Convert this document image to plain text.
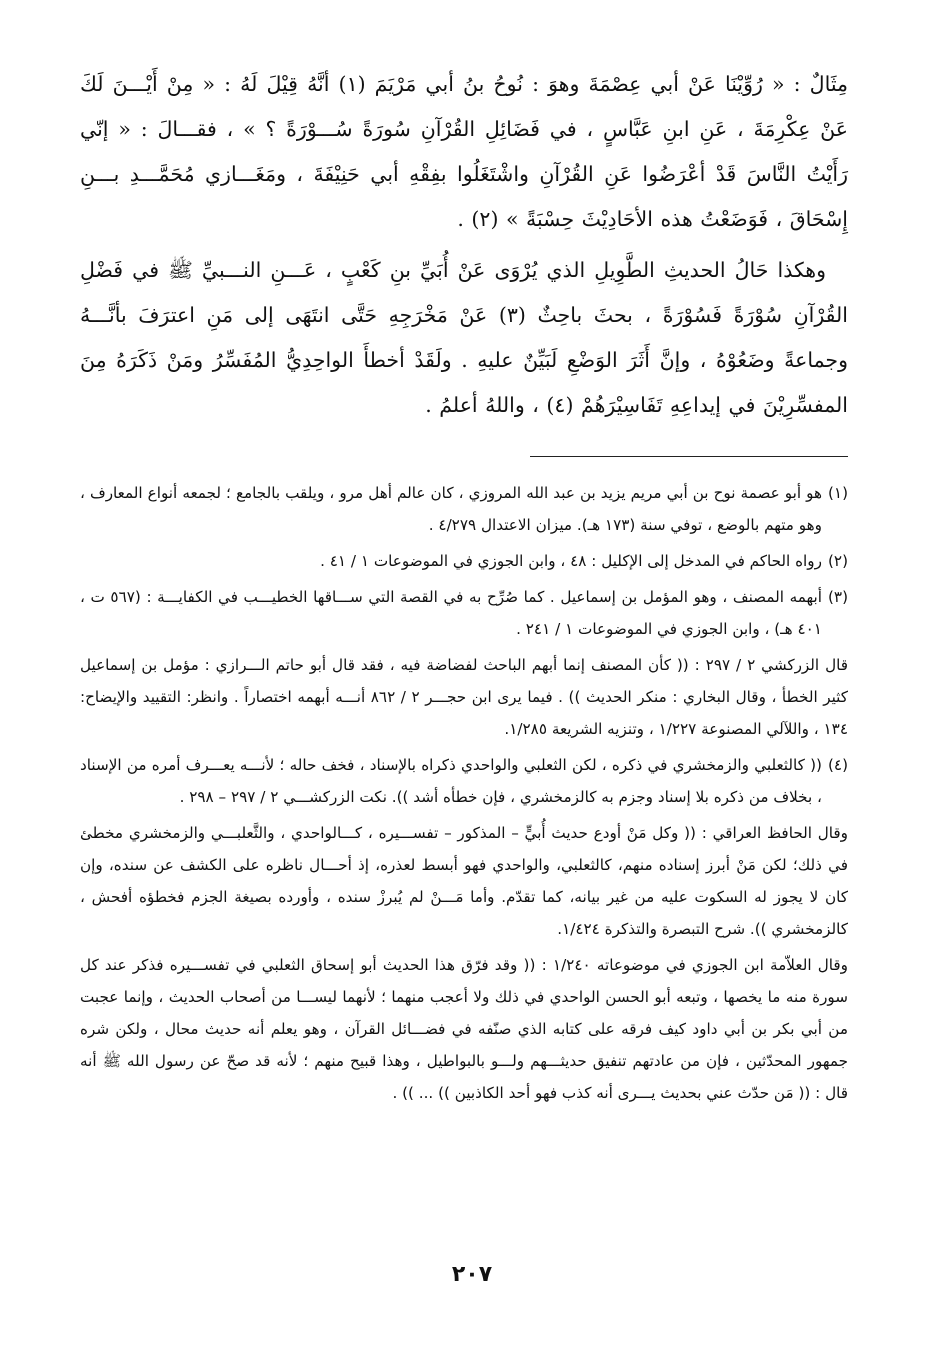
مِثَالٌ : « رُوِّيْنَا عَنْ أبي عِصْمَةَ وهوَ : نُوحُ بنُ أبي مَرْيَمَ (١) أنَّهُ قِيْلَ لَهُ : « مِنْ أَيْـــنَ لَكَ عَنْ عِكْرِمَةَ ، عَنِ ابنِ عَبَّاسٍ ، في فَضَائِلِ القُرْآنِ سُورَةً سُـــوْرَةً ؟ » ، فقـــالَ : « إنّي رَأَيْتُ النَّاسَ قَدْ أعْرَضُوا عَنِ القُرْآنِ واشْتَغَلُوا بفِقْهِ أبي حَنِيْفَةَ ، ومَغَـــازي مُحَمَّـــدِ بـــنِ إِسْحَاقَ ، فَوَضَعْتُ هذه الأحَادِيْثَ حِسْبَةً » (٢) .

وهكذا حَالُ الحديثِ الطَّوِيلِ الذي يُرْوَى عَنْ أُبَيِّ بنِ كَعْبٍ ، عَـــنِ النـــبيِّ ﷺ في فَضْلِ القُرْآنِ سُوْرَةً فَسُوْرَةً ، بحثَ باحِثٌ (٣) عَنْ مَخْرَجِهِ حَتَّى انتَهَى إلى مَنِ اعترَفَ بأنَّـــهُ وجماعةً وضَعُوْهُ ، وإنَّ أَثَرَ الوَضْعِ لَبَيِّنٌ عليهِ . ولَقَدْ أخطأَ الواحِدِيُّ المُفَسِّرُ ومَنْ ذَكَرَهُ مِنَ المفسِّرِيْنَ في إيداعِهِ تَفَاسِيْرَهُمْ (٤) ، واللهُ أعلمُ .

(١)

هو أبو عصمة نوح بن أبي مريم يزيد بن عبد الله المروزي ، كان عالم أهل مرو ، ويلقب بالجامع ؛ لجمعه أنواع المعارف ، وهو متهم بالوضع ، توفي سنة (١٧٣ هـ). ميزان الاعتدال ٤/٢٧٩ .

(٢)

رواه الحاكم في المدخل إلى الإكليل : ٤٨ ، وابن الجوزي في الموضوعات ١ / ٤١ .

(٣)

أبهمه المصنف ، وهو المؤمل بن إسماعيل . كما صُرِّح به في القصة التي ســـاقها الخطيـــب في الكفايـــة : (٥٦٧ ت ، ٤٠١ هـ) ، وابن الجوزي في الموضوعات ١ / ٢٤١ .

قال الزركشي ٢ / ٢٩٧ : (( كأن المصنف إنما أبهم الباحث لفضاضة فيه ، فقد قال أبو حاتم الـــرازي : مؤمل بن إسماعيل كثير الخطأ ، وقال البخاري : منكر الحديث )) . فيما يرى ابن حجـــر ٢ / ٨٦٢ أنـــه أبهمه اختصاراً . وانظر: التقييد والإيضاح: ١٣٤ ، واللآلي المصنوعة ١/٢٢٧ ، وتنزيه الشريعة ١/٢٨٥.

(٤)

(( كالثعلبي والزمخشري في ذكره ، لكن الثعلبي والواحدي ذكراه بالإسناد ، فخف حاله ؛ لأنـــه يعـــرف أمره من الإسناد ، بخلاف من ذكره بلا إسناد وجزم به كالزمخشري ، فإن خطأه أشد )). نكت الزركشـــي ٢ / ٢٩٧ – ٢٩٨ .

وقال الحافظ العراقي : (( وكل مَنْ أودع حديث أُبيٍّ – المذكور – تفســـيره ، كـــالواحدي ، والثَّعلبـــي والزمخشري مخطئ في ذلك؛ لكن مَنْ أبرز إسناده منهم، كالثعلبي، والواحدي فهو أبسط لعذره، إذ أحـــال ناظره على الكشف عن سنده، وإن كان لا يجوز له السكوت عليه من غير بيانه، كما تقدّم. وأما مَـــنْ لم يُبرزْ سنده ، وأورده بصيغة الجزم فخطؤه أفحش ، كالزمخشري )). شرح التبصرة والتذكرة ١/٤٢٤.

وقال العلاّمة ابن الجوزي في موضوعاته ١/٢٤٠ : (( وقد فرّق هذا الحديث أبو إسحاق الثعلبي في تفســـيره فذكر عند كل سورة منه ما يخصها ، وتبعه أبو الحسن الواحدي في ذلك ولا أعجب منهما ؛ لأنهما ليســـا من أصحاب الحديث ، وإنما عجبت من أبي بكر بن أبي داود كيف فرقه على كتابه الذي صنّفه في فضـــائل القرآن ، وهو يعلم أنه حديث محال ، ولكن شره جمهور المحدّثين ، فإن من عادتهم تنفيق حديثـــهم ولـــو بالبواطيل ، وهذا قبيح منهم ؛ لأنه قد صحّ عن رسول الله ﷺ أنه قال : (( مَن حدّث عني بحديث يـــرى أنه كذب فهو أحد الكاذبين )) ... )) .

٢٠٧
